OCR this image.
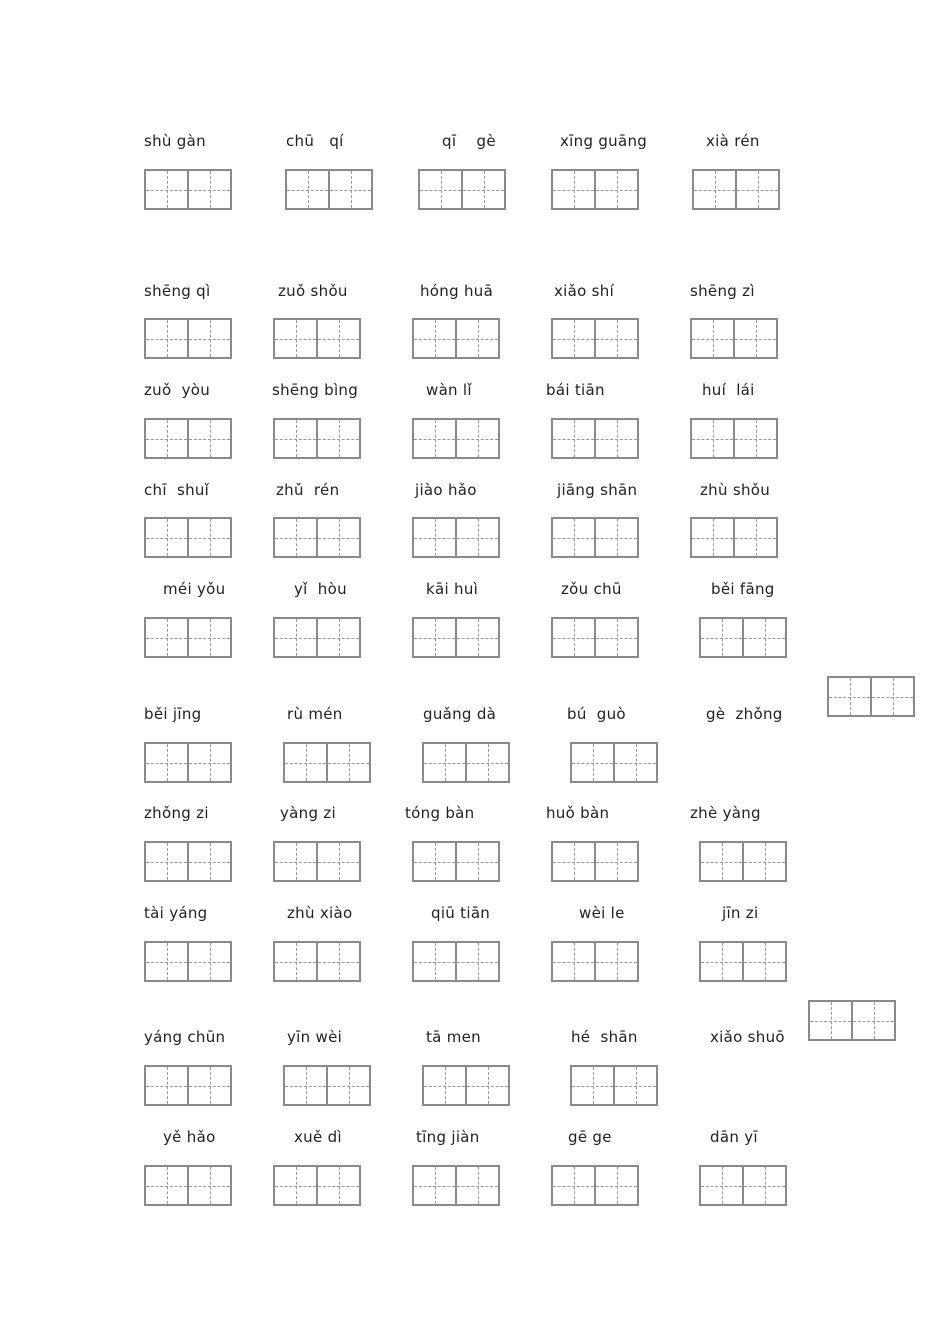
shù gàn	chū   qí	qī    gè	xīng guāng	xià rén
shēng qì	zuǒ shǒu	hóng huā	xiǎo shí	shēng zì
zuǒ  yòu	shēng bìng	wàn lǐ	bái tiān	huí  lái
chī  shuǐ	zhǔ  rén	jiào hǎo	jiāng shān	zhù shǒu
méi yǒu	yǐ  hòu	kāi huì	zǒu chū	běi fāng
běi jīng	rù mén	guǎng dà	bú  guò	gè  zhǒng
zhǒng zi	yàng zi	tóng bàn	huǒ bàn	zhè yàng
tài yáng	zhù xiào	qiū tiān	wèi le	jīn zi
yáng chūn	yīn wèi	tā men	hé  shān	xiǎo shuō
yě hǎo	xuě dì	tīng jiàn	gē ge	dān yī
